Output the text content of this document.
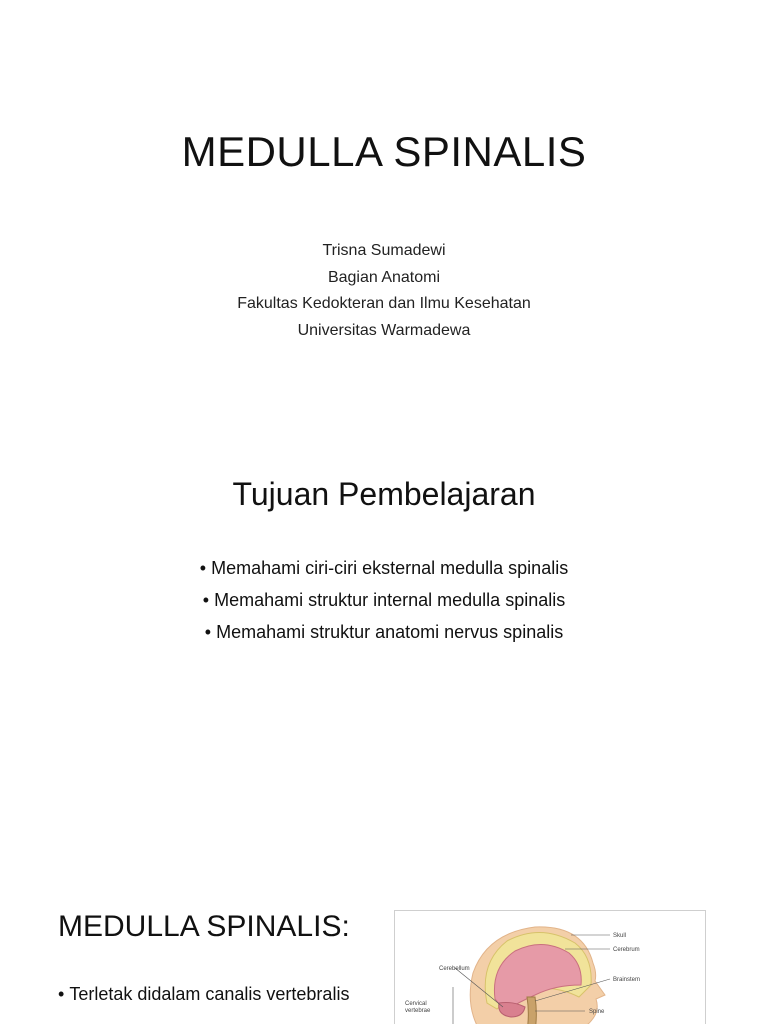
MEDULLA SPINALIS
Trisna Sumadewi
Bagian Anatomi
Fakultas Kedokteran dan Ilmu Kesehatan
Universitas Warmadewa
Tujuan Pembelajaran
• Memahami ciri-ciri eksternal medulla spinalis
• Memahami struktur internal medulla spinalis
• Memahami struktur anatomi nervus spinalis
MEDULLA SPINALIS:
• Terletak didalam canalis vertebralis
Skull
Cerebrum
Cerebellum
Brainstem
Cervical
vertebrae	Spine
